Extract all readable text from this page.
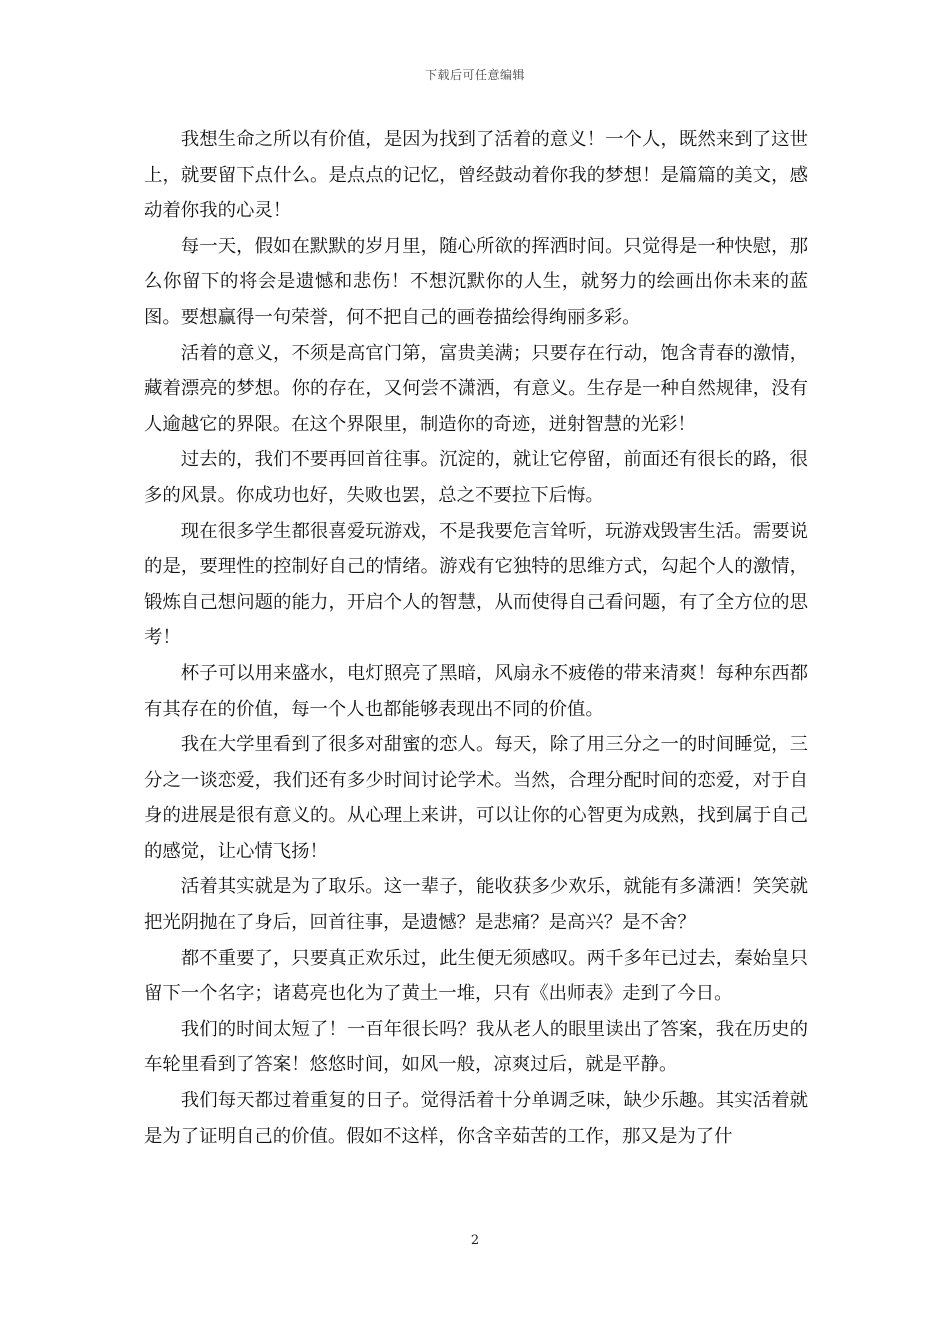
下载后可任意编辑

我想生命之所以有价值，是因为找到了活着的意义！一个人，既然来到了这世上，就要留下点什么。是点点的记忆，曾经鼓动着你我的梦想！是篇篇的美文，感动着你我的心灵！

每一天，假如在默默的岁月里，随心所欲的挥洒时间。只觉得是一种快慰，那么你留下的将会是遗憾和悲伤！不想沉默你的人生，就努力的绘画出你未来的蓝图。要想赢得一句荣誉，何不把自己的画卷描绘得绚丽多彩。

活着的意义，不须是高官门第，富贵美满；只要存在行动，饱含青春的激情，藏着漂亮的梦想。你的存在，又何尝不潇洒，有意义。生存是一种自然规律，没有人逾越它的界限。在这个界限里，制造你的奇迹，迸射智慧的光彩！

过去的，我们不要再回首往事。沉淀的，就让它停留，前面还有很长的路，很多的风景。你成功也好，失败也罢，总之不要拉下后悔。

现在很多学生都很喜爱玩游戏，不是我要危言耸听，玩游戏毁害生活。需要说的是，要理性的控制好自己的情绪。游戏有它独特的思维方式，勾起个人的激情，锻炼自己想问题的能力，开启个人的智慧，从而使得自己看问题，有了全方位的思考！

杯子可以用来盛水，电灯照亮了黑暗，风扇永不疲倦的带来清爽！每种东西都有其存在的价值，每一个人也都能够表现出不同的价值。

我在大学里看到了很多对甜蜜的恋人。每天，除了用三分之一的时间睡觉，三分之一谈恋爱，我们还有多少时间讨论学术。当然，合理分配时间的恋爱，对于自身的进展是很有意义的。从心理上来讲，可以让你的心智更为成熟，找到属于自己的感觉，让心情飞扬！

活着其实就是为了取乐。这一辈子，能收获多少欢乐，就能有多潇洒！笑笑就把光阴抛在了身后，回首往事，是遗憾？是悲痛？是高兴？是不舍？

都不重要了，只要真正欢乐过，此生便无须感叹。两千多年已过去，秦始皇只留下一个名字；诸葛亮也化为了黄土一堆，只有《出师表》走到了今日。

我们的时间太短了！一百年很长吗？我从老人的眼里读出了答案，我在历史的车轮里看到了答案！悠悠时间，如风一般，凉爽过后，就是平静。

我们每天都过着重复的日子。觉得活着十分单调乏味，缺少乐趣。其实活着就是为了证明自己的价值。假如不这样，你含辛茹苦的工作，那又是为了什

2
